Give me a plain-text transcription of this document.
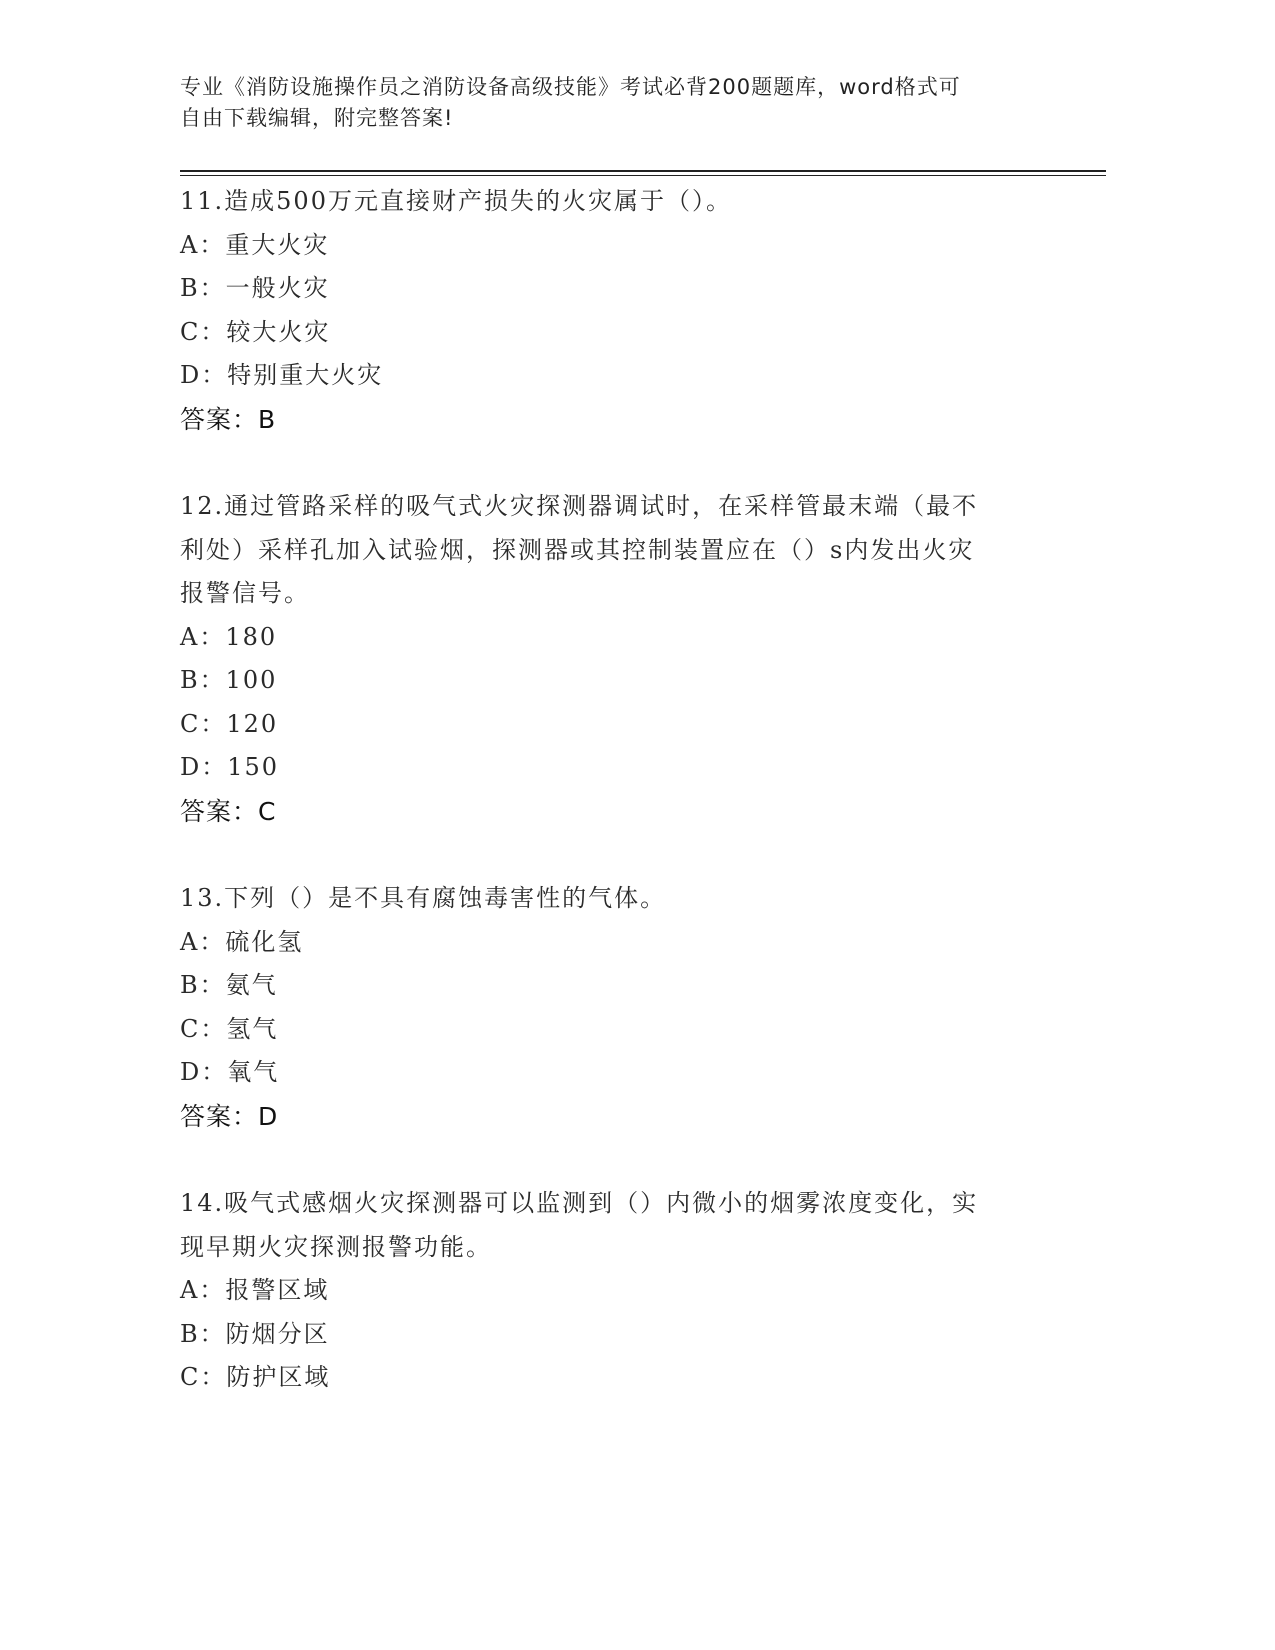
专业《消防设施操作员之消防设备高级技能》考试必背200题题库，word格式可
自由下载编辑，附完整答案!
11.造成500万元直接财产损失的火灾属于（）。
A：重大火灾
B：一般火灾
C：较大火灾
D：特别重大火灾
答案：B
12.通过管路采样的吸气式火灾探测器调试时，在采样管最末端（最不
利处）采样孔加入试验烟，探测器或其控制装置应在（）s内发出火灾
报警信号。
A：180
B：100
C：120
D：150
答案：C
13.下列（）是不具有腐蚀毒害性的气体。
A：硫化氢
B：氨气
C：氢气
D：氧气
答案：D
14.吸气式感烟火灾探测器可以监测到（）内微小的烟雾浓度变化，实
现早期火灾探测报警功能。
A：报警区域
B：防烟分区
C：防护区域
